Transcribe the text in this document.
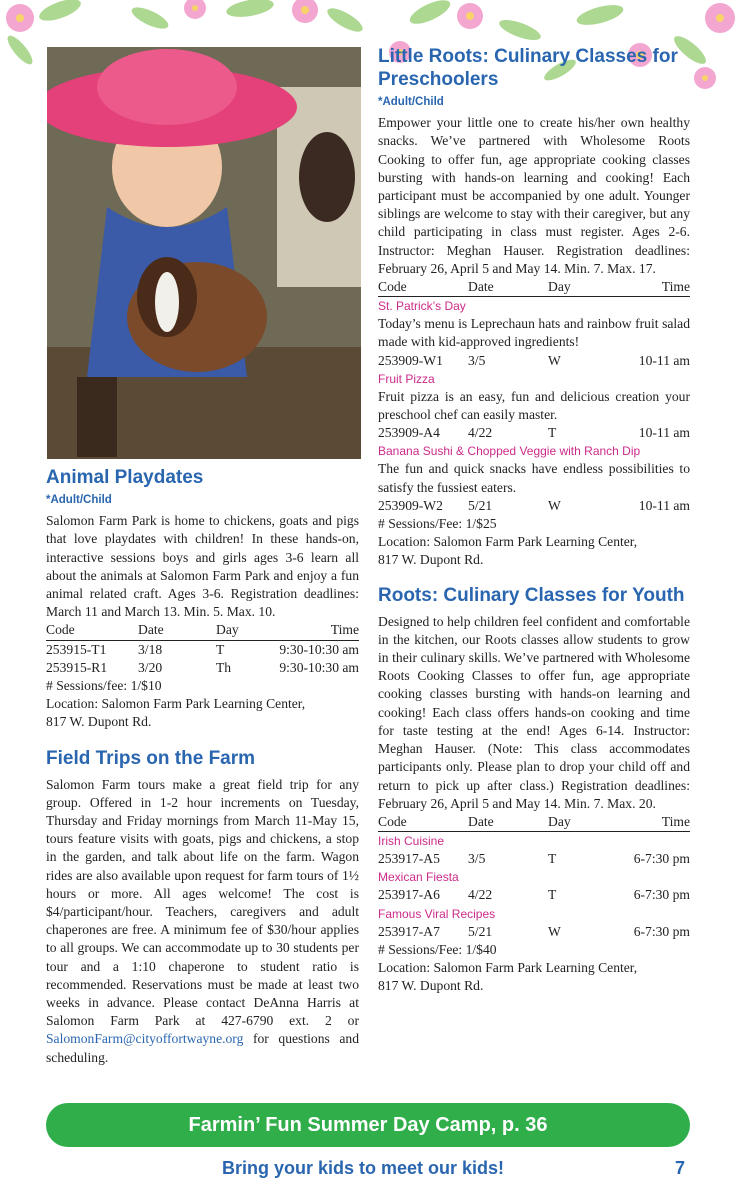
Animal Playdates
*Adult/Child

Salomon Farm Park is home to chickens, goats and pigs that love playdates with children! In these hands-on, interactive sessions boys and girls ages 3-6 learn all about the animals at Salomon Farm Park and enjoy a fun animal related craft. Ages 3-6. Registration deadlines: March 11 and March 13. Min. 5. Max. 10.

Code	Date	Day	Time
253915-T1	3/18	T	9:30-10:30 am
253915-R1	3/20	Th	9:30-10:30 am
# Sessions/fee: 1/$10
Location: Salomon Farm Park Learning Center,
817 W. Dupont Rd.
Field Trips on the Farm

Salomon Farm tours make a great field trip for any group. Offered in 1-2 hour increments on Tuesday, Thursday and Friday mornings from March 11-May 15, tours feature visits with goats, pigs and chickens, a stop in the garden, and talk about life on the farm. Wagon rides are also available upon request for farm tours of 1½ hours or more. All ages welcome! The cost is $4/participant/hour. Teachers, caregivers and adult chaperones are free. A minimum fee of $30/hour applies to all groups. We can accommodate up to 30 students per tour and a 1:10 chaperone to student ratio is recommended. Reservations must be made at least two weeks in advance. Please contact DeAnna Harris at Salomon Farm Park at 427-6790 ext. 2 or SalomonFarm@cityoffortwayne.org for questions and scheduling.

Little Roots: Culinary Classes for Preschoolers
*Adult/Child

Empower your little one to create his/her own healthy snacks. We’ve partnered with Wholesome Roots Cooking to offer fun, age appropriate cooking classes bursting with hands-on learning and cooking! Each participant must be accompanied by one adult. Younger siblings are welcome to stay with their caregiver, but any child participating in class must register. Ages 2-6. Instructor: Meghan Hauser. Registration deadlines: February 26, April 5 and May 14. Min. 7. Max. 17.

Code	Date	Day	Time
St. Patrick’s Day

Today’s menu is Leprechaun hats and rainbow fruit salad made with kid-approved ingredients!

253909-W1	3/5	W	10-11 am
Fruit Pizza

Fruit pizza is an easy, fun and delicious creation your preschool chef can easily master.

253909-A4	4/22	T	10-11 am
Banana Sushi & Chopped Veggie with Ranch Dip

The fun and quick snacks have endless possibilities to satisfy the fussiest eaters.

253909-W2	5/21	W	10-11 am
# Sessions/Fee: 1/$25
Location: Salomon Farm Park Learning Center,
817 W. Dupont Rd.
Roots: Culinary Classes for Youth

Designed to help children feel confident and comfortable in the kitchen, our Roots classes allow students to grow in their culinary skills. We’ve partnered with Wholesome Roots Cooking Classes to offer fun, age appropriate cooking classes bursting with hands-on learning and cooking! Each class offers hands-on cooking and time for taste testing at the end! Ages 6-14. Instructor: Meghan Hauser. (Note: This class accommodates participants only. Please plan to drop your child off and return to pick up after class.) Registration deadlines: February 26, April 5 and May 14. Min. 7. Max. 20.

Code	Date	Day	Time
Irish Cuisine
253917-A5	3/5	T	6-7:30 pm
Mexican Fiesta
253917-A6	4/22	T	6-7:30 pm
Famous Viral Recipes
253917-A7	5/21	W	6-7:30 pm
# Sessions/Fee: 1/$40
Location: Salomon Farm Park Learning Center,
817 W. Dupont Rd.
Farmin’ Fun Summer Day Camp, p. 36
Bring your kids to meet our kids!	7
